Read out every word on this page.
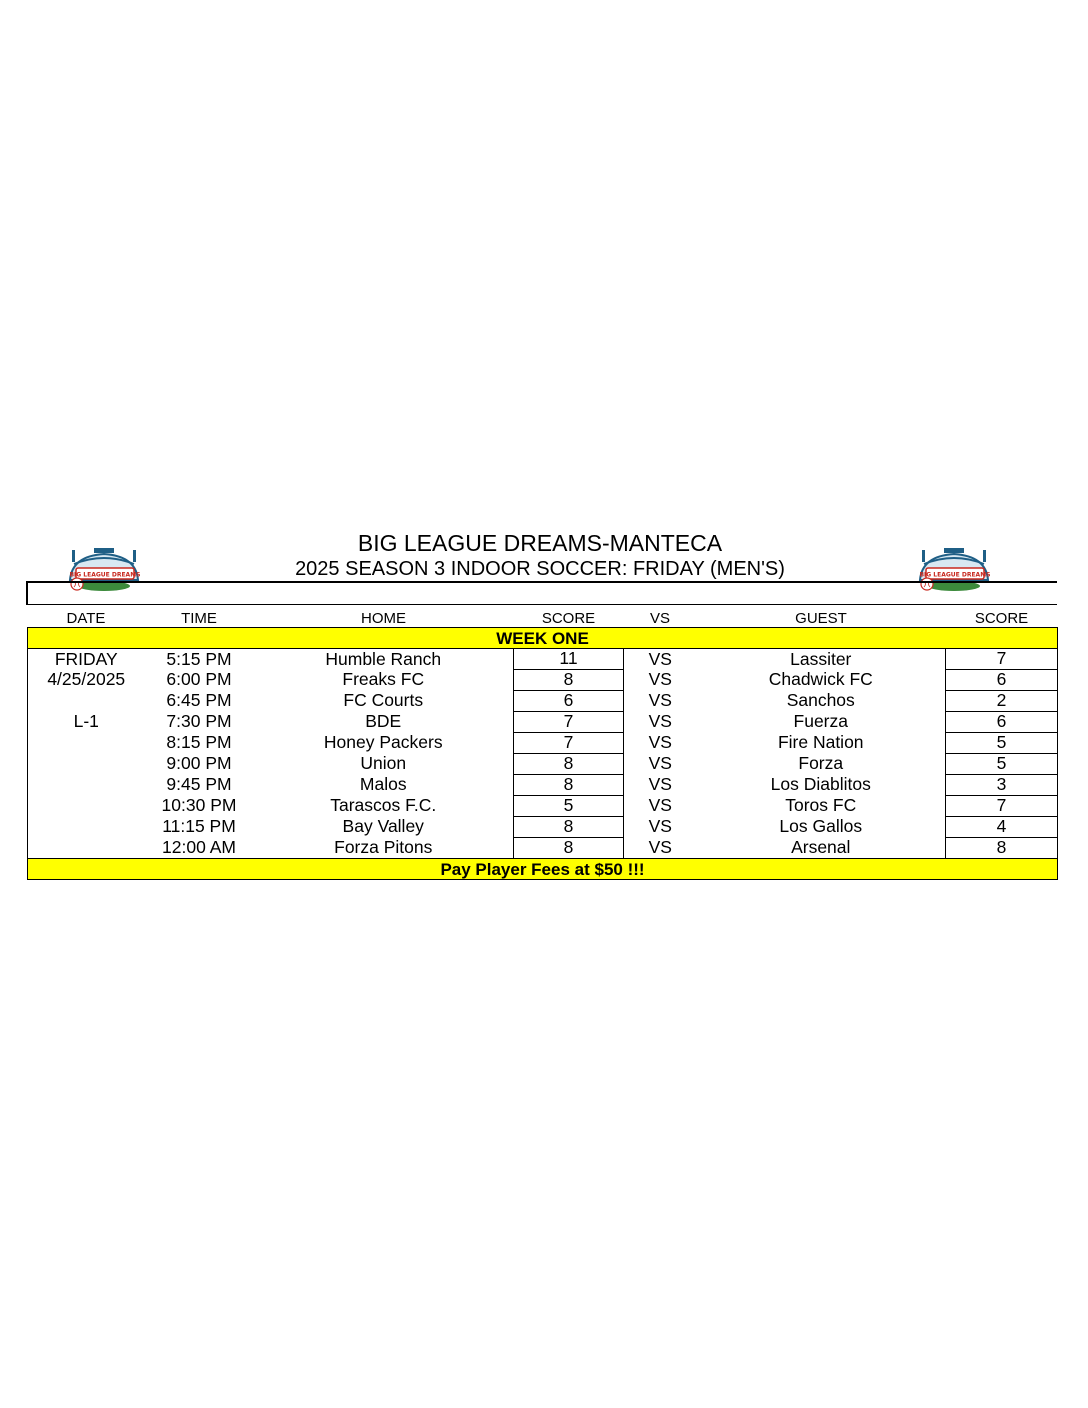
BIG LEAGUE DREAMS-MANTECA
2025 SEASON 3 INDOOR SOCCER: FRIDAY (MEN'S)
BIG LEAGUE DREAMS	BIG LEAGUE DREAMS
DATE	TIME	HOME	SCORE	VS	GUEST	SCORE
WEEK ONE						
FRIDAY	5:15 PM	Humble Ranch	11	VS	Lassiter	7
4/25/2025	6:00 PM	Freaks FC	8	VS	Chadwick FC	6
	6:45 PM	FC Courts	6	VS	Sanchos	2
L-1	7:30 PM	BDE	7	VS	Fuerza	6
	8:15 PM	Honey Packers	7	VS	Fire Nation	5
	9:00 PM	Union	8	VS	Forza	5
	9:45 PM	Malos	8	VS	Los Diablitos	3
	10:30 PM	Tarascos F.C.	5	VS	Toros FC	7
	11:15 PM	Bay Valley	8	VS	Los Gallos	4
	12:00 AM	Forza Pitons	8	VS	Arsenal	8
Pay Player Fees at $50 !!!						
